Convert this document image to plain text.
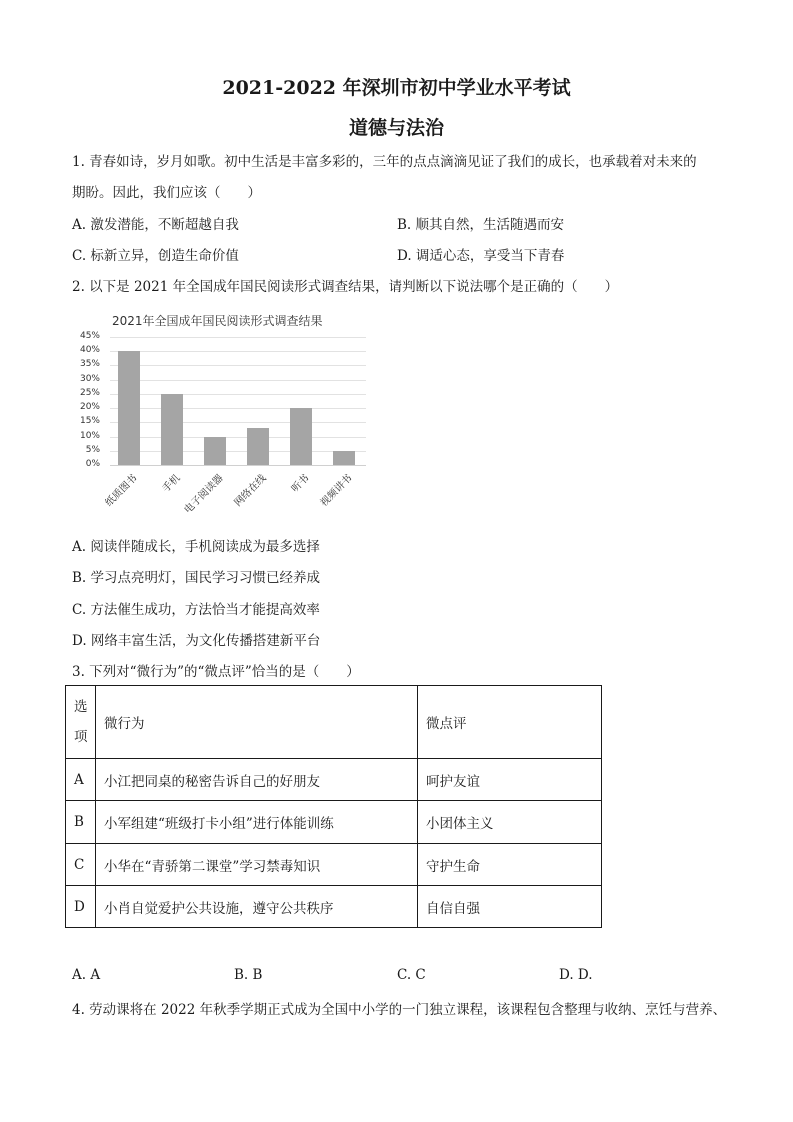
2021-2022 年深圳市初中学业水平考试
道德与法治
1. 青春如诗，岁月如歌。初中生活是丰富多彩的，三年的点点滴滴见证了我们的成长，也承载着对未来的
期盼。因此，我们应该（　　）
A. 激发潜能，不断超越自我	B. 顺其自然，生活随遇而安
C. 标新立异，创造生命价值	D. 调适心态，享受当下青春
2. 以下是 2021 年全国成年国民阅读形式调查结果，请判断以下说法哪个是正确的（　　）
2021年全国成年国民阅读形式调查结果
45%
40%
35%
30%
25%
20%
15%
10%
5%
0%
纸质图书 手机 电子阅读器 网络在线 听书 视频讲书
A. 阅读伴随成长，手机阅读成为最多选择
B. 学习点亮明灯，国民学习习惯已经养成
C. 方法催生成功，方法恰当才能提高效率
D. 网络丰富生活，为文化传播搭建新平台
3. 下列对“微行为”的“微点评”恰当的是（　　）
选
项	微行为	微点评
A	小江把同桌的秘密告诉自己的好朋友	呵护友谊
B	小军组建“班级打卡小组”进行体能训练	小团体主义
C	小华在“青骄第二课堂”学习禁毒知识	守护生命
D	小肖自觉爱护公共设施，遵守公共秩序	自信自强
A. A	B. B	C. C	D. D.
4. 劳动课将在 2022 年秋季学期正式成为全国中小学的一门独立课程，该课程包含整理与收纳、烹饪与营养、
